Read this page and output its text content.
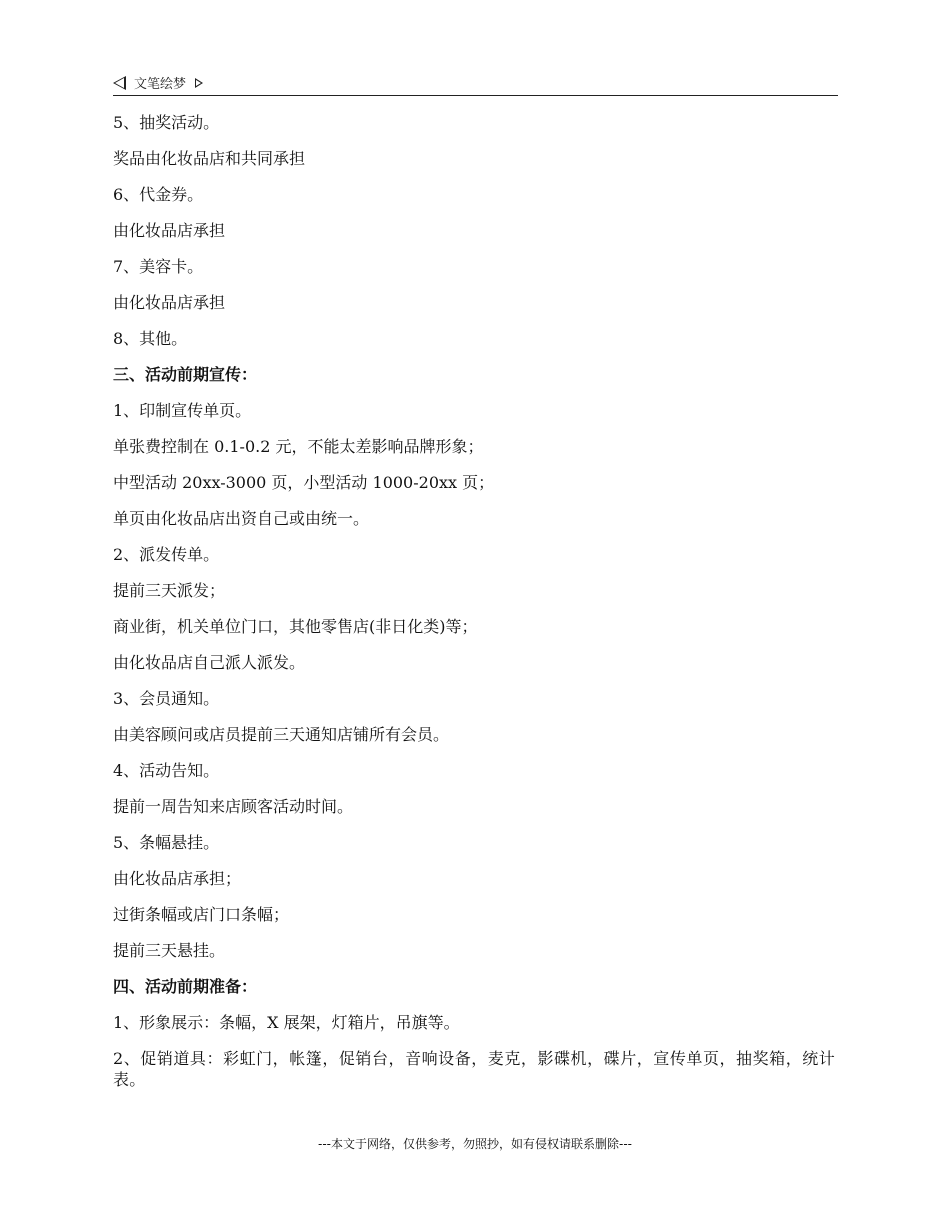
文笔绘梦
5、抽奖活动。
奖品由化妆品店和共同承担
6、代金券。
由化妆品店承担
7、美容卡。
由化妆品店承担
8、其他。
三、活动前期宣传：
1、印制宣传单页。
单张费控制在 0.1-0.2 元，不能太差影响品牌形象；
中型活动 20xx-3000 页，小型活动 1000-20xx 页；
单页由化妆品店出资自己或由统一。
2、派发传单。
提前三天派发；
商业街，机关单位门口，其他零售店(非日化类)等；
由化妆品店自己派人派发。
3、会员通知。
由美容顾问或店员提前三天通知店铺所有会员。
4、活动告知。
提前一周告知来店顾客活动时间。
5、条幅悬挂。
由化妆品店承担；
过街条幅或店门口条幅；
提前三天悬挂。
四、活动前期准备：
1、形象展示：条幅，X 展架，灯箱片，吊旗等。
2、促销道具：彩虹门，帐篷，促销台，音响设备，麦克，影碟机，碟片，宣传单页，抽奖箱，统计表。
---本文于网络，仅供参考，勿照抄，如有侵权请联系删除---
